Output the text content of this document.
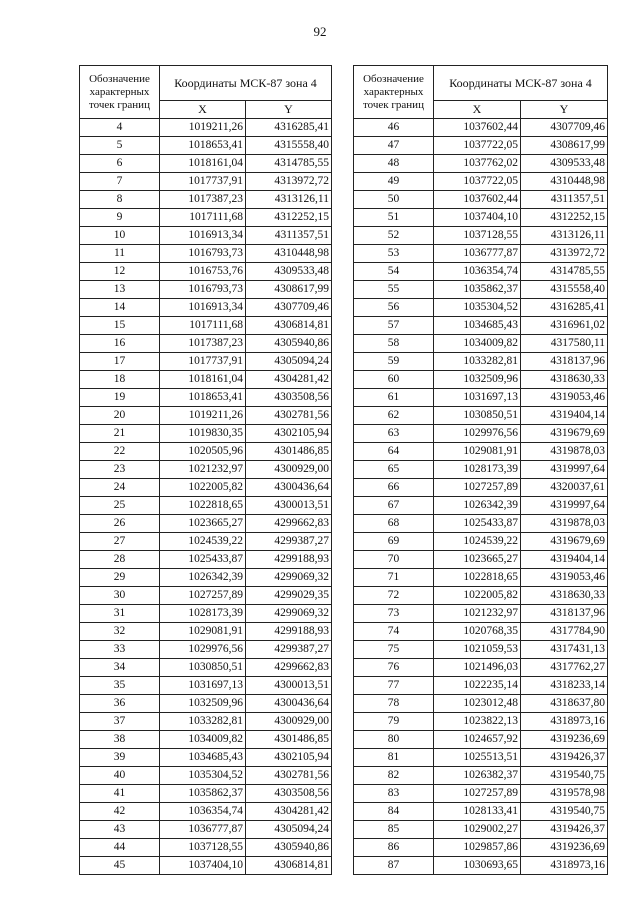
92
Обозначение характерных точек границ	Координаты МСК-87 зона 4	
	X	Y
4	1019211,26	4316285,41
5	1018653,41	4315558,40
6	1018161,04	4314785,55
7	1017737,91	4313972,72
8	1017387,23	4313126,11
9	1017111,68	4312252,15
10	1016913,34	4311357,51
11	1016793,73	4310448,98
12	1016753,76	4309533,48
13	1016793,73	4308617,99
14	1016913,34	4307709,46
15	1017111,68	4306814,81
16	1017387,23	4305940,86
17	1017737,91	4305094,24
18	1018161,04	4304281,42
19	1018653,41	4303508,56
20	1019211,26	4302781,56
21	1019830,35	4302105,94
22	1020505,96	4301486,85
23	1021232,97	4300929,00
24	1022005,82	4300436,64
25	1022818,65	4300013,51
26	1023665,27	4299662,83
27	1024539,22	4299387,27
28	1025433,87	4299188,93
29	1026342,39	4299069,32
30	1027257,89	4299029,35
31	1028173,39	4299069,32
32	1029081,91	4299188,93
33	1029976,56	4299387,27
34	1030850,51	4299662,83
35	1031697,13	4300013,51
36	1032509,96	4300436,64
37	1033282,81	4300929,00
38	1034009,82	4301486,85
39	1034685,43	4302105,94
40	1035304,52	4302781,56
41	1035862,37	4303508,56
42	1036354,74	4304281,42
43	1036777,87	4305094,24
44	1037128,55	4305940,86
45	1037404,10	4306814,81
Обозначение характерных точек границ	Координаты МСК-87 зона 4	
	X	Y
46	1037602,44	4307709,46
47	1037722,05	4308617,99
48	1037762,02	4309533,48
49	1037722,05	4310448,98
50	1037602,44	4311357,51
51	1037404,10	4312252,15
52	1037128,55	4313126,11
53	1036777,87	4313972,72
54	1036354,74	4314785,55
55	1035862,37	4315558,40
56	1035304,52	4316285,41
57	1034685,43	4316961,02
58	1034009,82	4317580,11
59	1033282,81	4318137,96
60	1032509,96	4318630,33
61	1031697,13	4319053,46
62	1030850,51	4319404,14
63	1029976,56	4319679,69
64	1029081,91	4319878,03
65	1028173,39	4319997,64
66	1027257,89	4320037,61
67	1026342,39	4319997,64
68	1025433,87	4319878,03
69	1024539,22	4319679,69
70	1023665,27	4319404,14
71	1022818,65	4319053,46
72	1022005,82	4318630,33
73	1021232,97	4318137,96
74	1020768,35	4317784,90
75	1021059,53	4317431,13
76	1021496,03	4317762,27
77	1022235,14	4318233,14
78	1023012,48	4318637,80
79	1023822,13	4318973,16
80	1024657,92	4319236,69
81	1025513,51	4319426,37
82	1026382,37	4319540,75
83	1027257,89	4319578,98
84	1028133,41	4319540,75
85	1029002,27	4319426,37
86	1029857,86	4319236,69
87	1030693,65	4318973,16
